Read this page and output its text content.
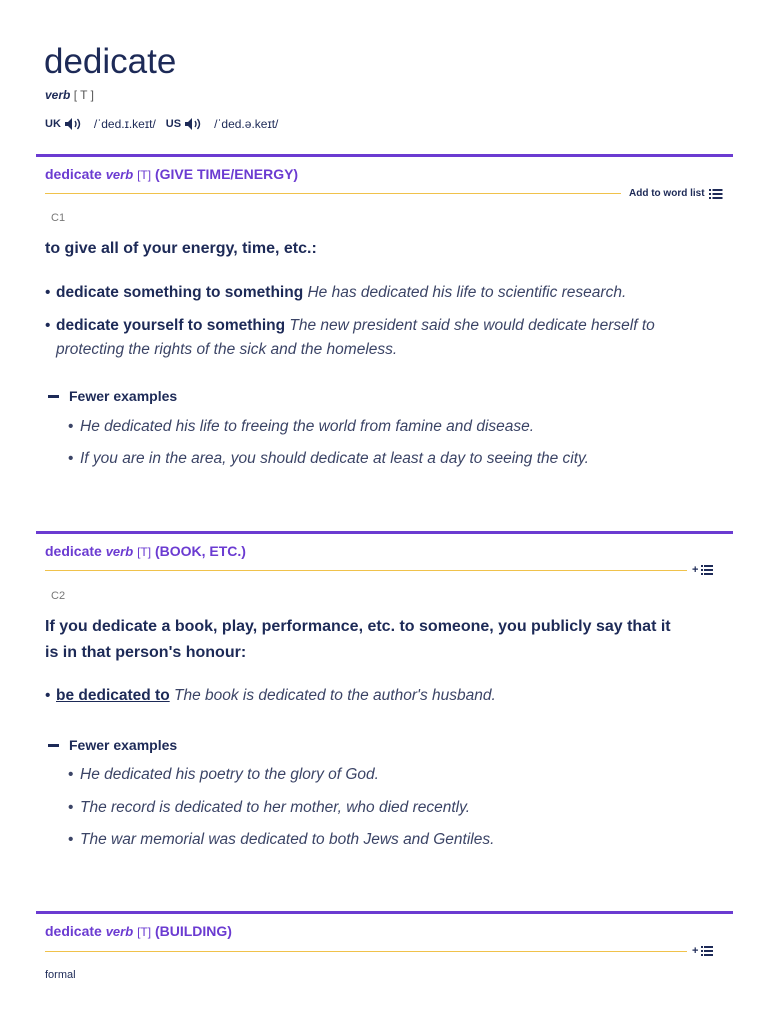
dedicate
verb [ T ]
UK	/ˈded.ɪ.keɪt/ US	/ˈded.ə.keɪt/
dedicate verb [T] (GIVE TIME/ENERGY)
Add to word list
C1
to give all of your energy, time, etc.:
• dedicate something to something He has dedicated his life to scientific research.
• dedicate yourself to something The new president said she would dedicate herself to
protecting the rights of the sick and the homeless.
Fewer examples
• He dedicated his life to freeing the world from famine and disease.
• If you are in the area, you should dedicate at least a day to seeing the city.
dedicate verb [T] (BOOK, ETC.)
+
C2
If you dedicate a book, play, performance, etc. to someone, you publicly say that it
is in that person's honour:
• be dedicated to The book is dedicated to the author's husband.
Fewer examples
• He dedicated his poetry to the glory of God.
• The record is dedicated to her mother, who died recently.
• The war memorial was dedicated to both Jews and Gentiles.
dedicate verb [T] (BUILDING)
+
formal
